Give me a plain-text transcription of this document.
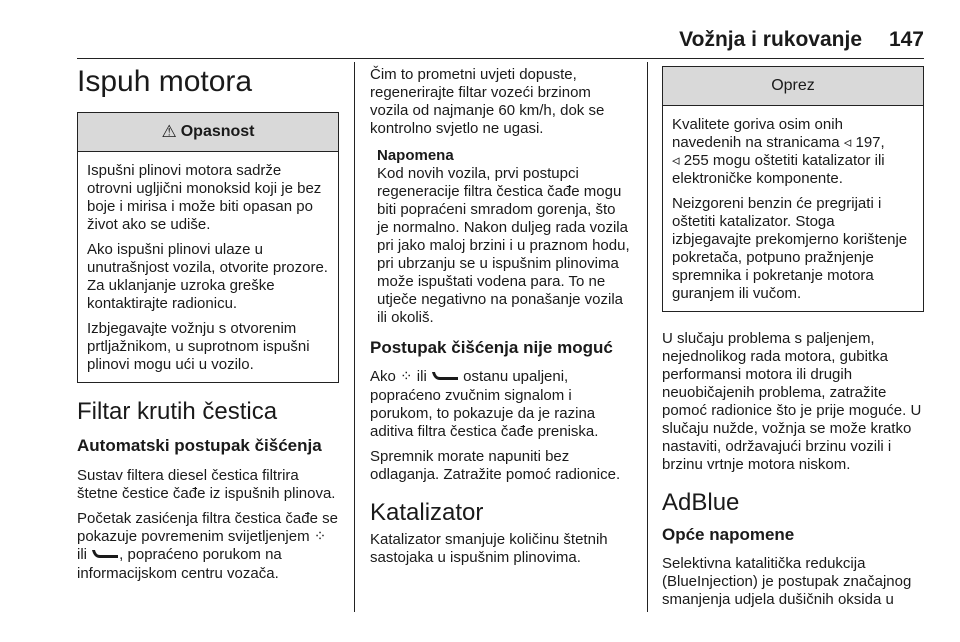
Vožnja i rukovanje 147
Ispuh motora
⚠ Opasnost

Ispušni plinovi motora sadrže otrovni ugljični monoksid koji je bez boje i mirisa i može biti opasan po život ako se udiše.

Ako ispušni plinovi ulaze u unutrašnjost vozila, otvorite prozore. Za uklanjanje uzroka greške kontaktirajte radionicu.

Izbjegavajte vožnju s otvorenim prtljažnikom, u suprotnom ispušni plinovi mogu ući u vozilo.

Filtar krutih čestica
Automatski postupak čišćenja

Sustav filtera diesel čestica filtrira štetne čestice čađe iz ispušnih plinova.

Početak zasićenja filtra čestica čađe se pokazuje povremenim svijetljenjem ⁘ ili , popraćeno porukom na informacijskom centru vozača.

Čim to prometni uvjeti dopuste, regenerirajte filtar vozeći brzinom vozila od najmanje 60 km/h, dok se kontrolno svjetlo ne ugasi.

Napomena

Kod novih vozila, prvi postupci regeneracije filtra čestica čađe mogu biti popraćeni smradom gorenja, što je normalno. Nakon duljeg rada vozila pri jako maloj brzini i u praznom hodu, pri ubrzanju se u ispušnim plinovima može ispuštati vodena para. To ne utječe negativno na ponašanje vozila ili okoliš.

Postupak čišćenja nije moguć

Ako ⁘ ili ostanu upaljeni, popraćeno zvučnim signalom i porukom, to pokazuje da je razina aditiva filtra čestica čađe preniska.

Spremnik morate napuniti bez odlaganja. Zatražite pomoć radionice.

Katalizator

Katalizator smanjuje količinu štetnih sastojaka u ispušnim plinovima.

Oprez

Kvalitete goriva osim onih navedenih na stranicama ◃ 197,
◃ 255 mogu oštetiti katalizator ili elektroničke komponente.

Neizgoreni benzin će pregrijati i oštetiti katalizator. Stoga izbjegavajte prekomjerno korištenje pokretača, potpuno pražnjenje spremnika i pokretanje motora guranjem ili vučom.

U slučaju problema s paljenjem, nejednolikog rada motora, gubitka performansi motora ili drugih neuobičajenih problema, zatražite pomoć radionice što je prije moguće. U slučaju nužde, vožnja se može kratko nastaviti, održavajući brzinu vozili i brzinu vrtnje motora niskom.

AdBlue
Opće napomene

Selektivna katalitička redukcija (BlueInjection) je postupak značajnog smanjenja udjela dušičnih oksida u
